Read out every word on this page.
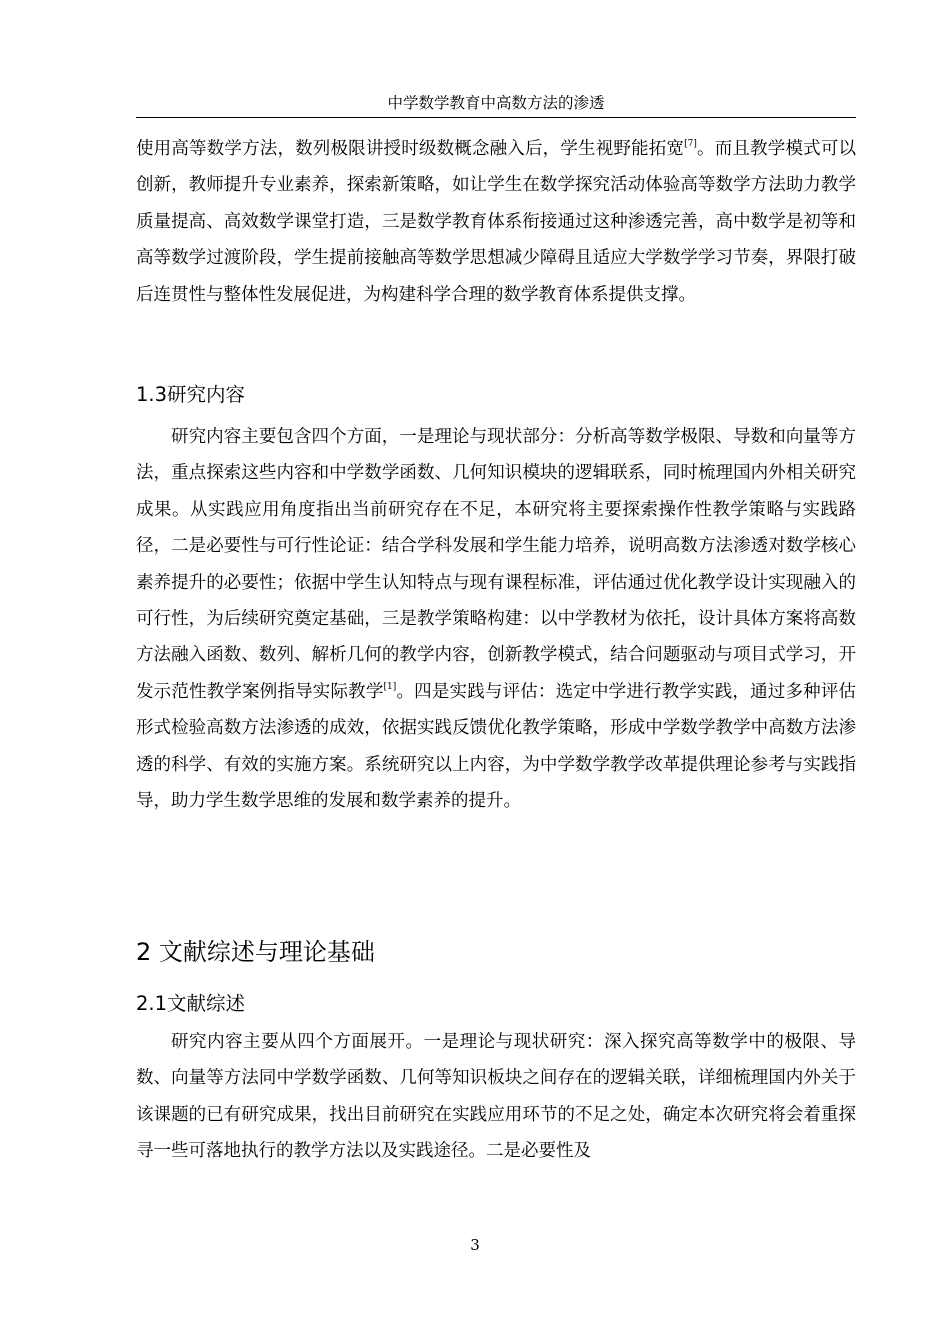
中学数学教育中高数方法的渗透

使用高等数学方法，数列极限讲授时级数概念融入后，学生视野能拓宽[7]。而且教学模式可以创新，教师提升专业素养，探索新策略，如让学生在数学探究活动体验高等数学方法助力教学质量提高、高效数学课堂打造，三是数学教育体系衔接通过这种渗透完善，高中数学是初等和高等数学过渡阶段，学生提前接触高等数学思想减少障碍且适应大学数学学习节奏，界限打破后连贯性与整体性发展促进，为构建科学合理的数学教育体系提供支撑。

1.3研究内容

研究内容主要包含四个方面，一是理论与现状部分：分析高等数学极限、导数和向量等方法，重点探索这些内容和中学数学函数、几何知识模块的逻辑联系，同时梳理国内外相关研究成果。从实践应用角度指出当前研究存在不足，本研究将主要探索操作性教学策略与实践路径，二是必要性与可行性论证：结合学科发展和学生能力培养，说明高数方法渗透对数学核心素养提升的必要性；依据中学生认知特点与现有课程标准，评估通过优化教学设计实现融入的可行性，为后续研究奠定基础，三是教学策略构建：以中学教材为依托，设计具体方案将高数方法融入函数、数列、解析几何的教学内容，创新教学模式，结合问题驱动与项目式学习，开发示范性教学案例指导实际教学[1]。四是实践与评估：选定中学进行教学实践，通过多种评估形式检验高数方法渗透的成效，依据实践反馈优化教学策略，形成中学数学教学中高数方法渗透的科学、有效的实施方案。系统研究以上内容，为中学数学教学改革提供理论参考与实践指导，助力学生数学思维的发展和数学素养的提升。

2 文献综述与理论基础
2.1文献综述

研究内容主要从四个方面展开。一是理论与现状研究：深入探究高等数学中的极限、导数、向量等方法同中学数学函数、几何等知识板块之间存在的逻辑关联，详细梳理国内外关于该课题的已有研究成果，找出目前研究在实践应用环节的不足之处，确定本次研究将会着重探寻一些可落地执行的教学方法以及实践途径。二是必要性及

3
